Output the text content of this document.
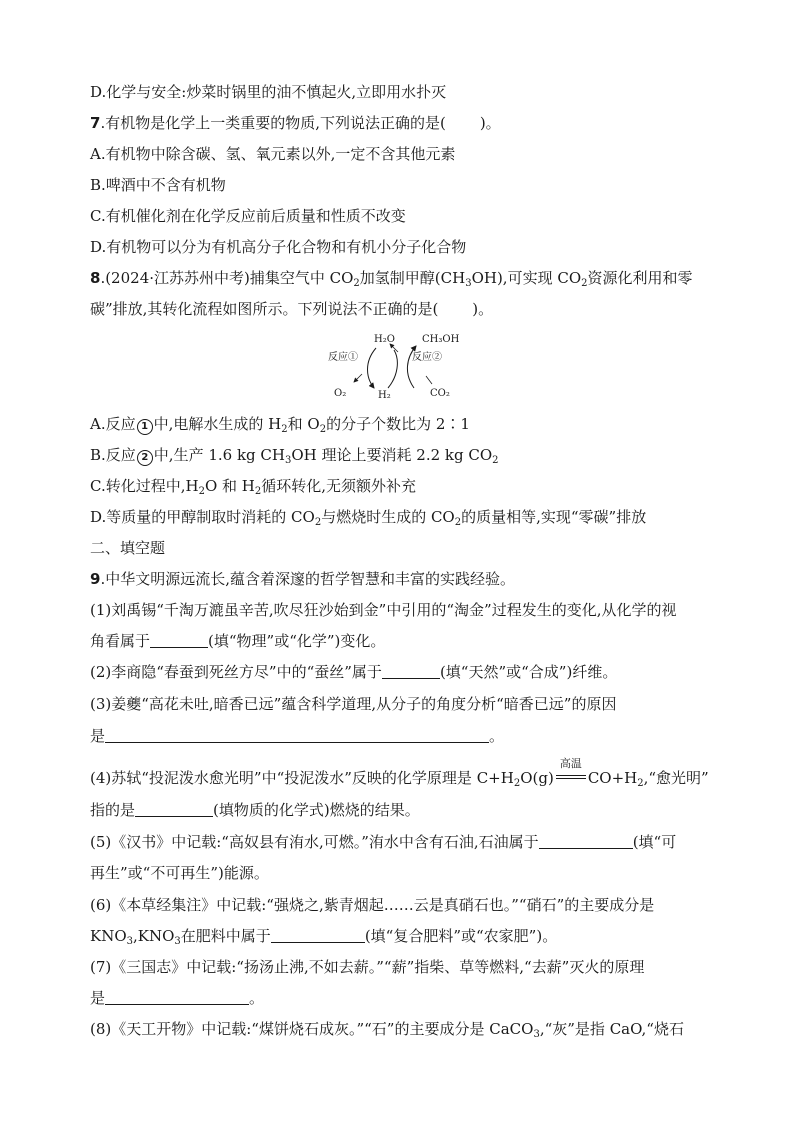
D.化学与安全:炒菜时锅里的油不慎起火,立即用水扑灭
7.有机物是化学上一类重要的物质,下列说法正确的是( )。
A.有机物中除含碳、氢、氧元素以外,一定不含其他元素
B.啤酒中不含有机物
C.有机催化剂在化学反应前后质量和性质不改变
D.有机物可以分为有机高分子化合物和有机小分子化合物
8.(2024·江苏苏州中考)捕集空气中 $CO_2$加氢制甲醇$(CH_3OH)$,可实现 $CO_2$资源化利用和零
碳”排放,其转化流程如图所示。下列说法不正确的是( )。
H₂O	CH₃OH
反应①	反应②
O₂	H₂	CO₂
A.反应 1 中,电解水生成的 $H_2$和 $O_2$的分子个数比为 2∶1
B.反应 2 中,生产 1.6 kg $CH_3OH$ 理论上要消耗 2.2 kg $CO_2$
C.转化过程中$,H_2O$ 和 $H_2$循环转化,无须额外补充
D.等质量的甲醇制取时消耗的 $CO_2$与燃烧时生成的 $CO_2$的质量相等,实现“零碳”排放
二、填空题
9.中华文明源远流长,蕴含着深邃的哲学智慧和丰富的实践经验。
(1)刘禹锡“千淘万漉虽辛苦,吹尽狂沙始到金”中引用的“淘金”过程发生的变化,从化学的视
角看属于	(填“物理”或“化学”)变化。
(2)李商隐“春蚕到死丝方尽”中的“蚕丝”属于	(填“天然”或“合成”)纤维。
(3)姜夔“高花未吐,暗香已远”蕴含科学道理,从分子的角度分析“暗香已远”的原因
是	。
(4)苏轼“投泥泼水愈光明”中“投泥泼水”反映的化学原理是 $C+H_2O(g)$
高温
$CO+H_2,“$愈光明”
指的是	(填物质的化学式)燃烧的结果。
(5)《汉书》中记载:“高奴县有洧水,可燃。”洧水中含有石油,石油属于	(填“可
再生”或“不可再生”)能源。
(6)《本草经集注》中记载:“强烧之,紫青烟起……云是真硝石也。”“硝石”的主要成分是
$KNO_3,KNO_3$在肥料中属于	(填“复合肥料”或“农家肥”)。
(7)《三国志》中记载:“扬汤止沸,不如去薪。”“薪”指柴、草等燃料,“去薪”灭火的原理
是	。
(8)《天工开物》中记载:“煤饼烧石成灰。”“石”的主要成分是 CaCO$_3$,“灰”是指 CaO,“烧石
